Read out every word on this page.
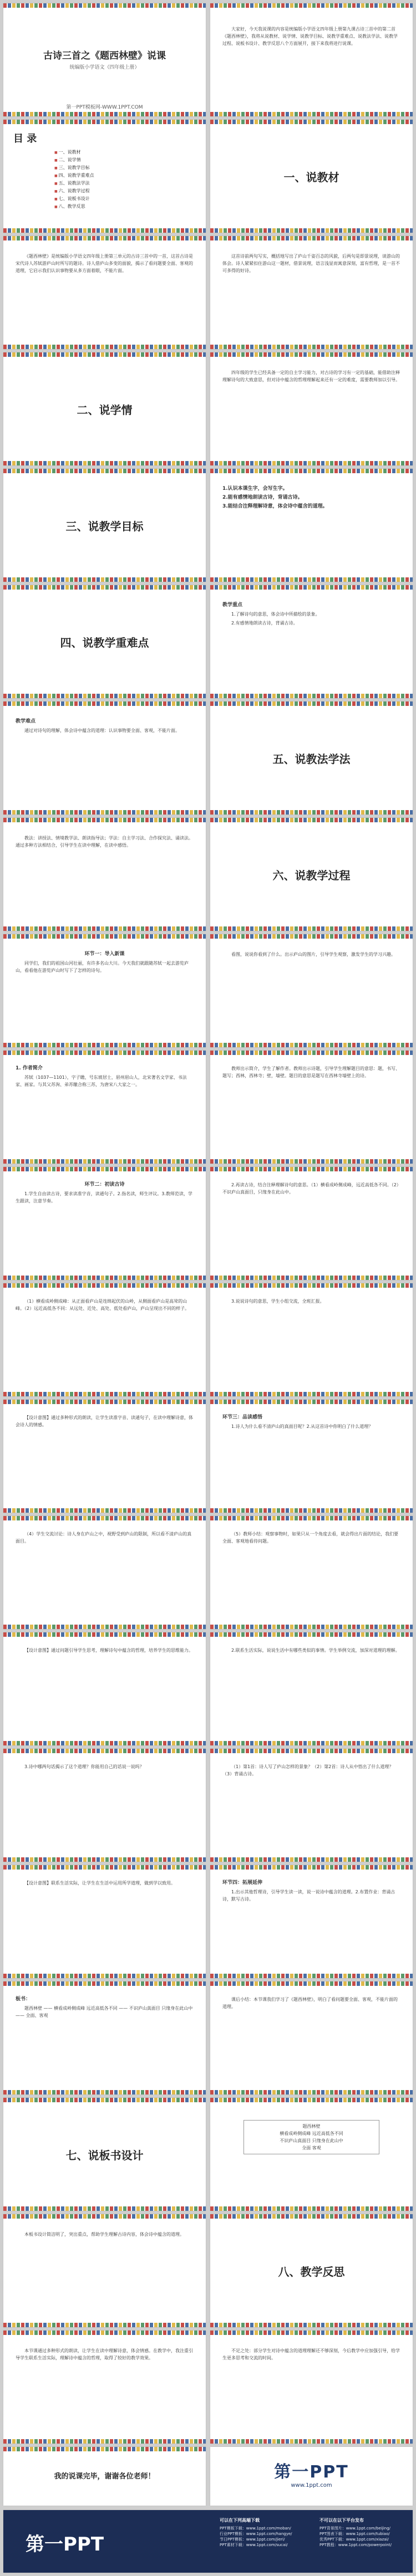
古诗三首之《题西林壁》说课
统编版小学语文（四年级上册）
第一PPT模板网-WWW.1PPT.COM

大家好，今天我说课的内容是统编版小学语文四年级上册第九课古诗三首中的第二首《题西林壁》，我将从说教材、说学情、说教学目标、说教学重难点、说教法学法、说教学过程、说板书设计、教学反思八个方面展开，接下来我将进行说课。

目 录
■ 一、说教材
■ 二、说学情
■ 三、说教学目标
■ 四、说教学重难点
■ 五、说教法学法
■ 六、说教学过程
■ 七、说板书设计
■ 八、教学反思
一、说教材

《题西林壁》是统编版小学语文四年级上册第三单元的古诗三首中的一首，这首古诗是宋代诗人苏轼游庐山时所写的题诗。诗人借庐山多变的面貌，揭示了看问题要全面、客观的道理，它启示我们认识事物要从多方面着眼，不能片面。

这首诗前两句写实，概括地写出了庐山千姿百态的风貌，后两句是即景说理，谈游山的体会。诗人紧紧扣住游山这一题材，借景说理，语言浅显而寓意深刻，富有哲理，是一首不可多得的好诗。

二、说学情

四年级的学生已经具备一定的自主学习能力，对古诗的学习有一定的基础，能借助注释理解诗句的大致意思，但对诗中蕴含的哲理理解起来还有一定的难度，需要教师加以引导。

三、说教学目标

1.认识本课生字，会写生字。

2.能有感情地朗读古诗，背诵古诗。

3.能结合注释理解诗意，体会诗中蕴含的道理。

四、说教学重难点

教学重点

1.了解诗句的意思，体会诗中所描绘的景象。

2.有感情地朗读古诗，背诵古诗。

教学难点

通过对诗句的理解，体会诗中蕴含的道理：认识事物要全面、客观，不能片面。

五、说教法学法

教法：讲授法、情境教学法、朗读指导法；学法：自主学习法、合作探究法、诵读法。通过多种方法相结合，引导学生在读中理解，在读中感悟。

六、说教学过程

环节一：导入新课

同学们，我们的祖国山河壮丽，有许多名山大川。今天我们就跟随苏轼一起去游览庐山，看看他在游览庐山时写下了怎样的诗句。

看图，说说你看到了什么。出示庐山的图片，引导学生观察，激发学生的学习兴趣。

1. 作者简介

苏轼（1037—1101），字子瞻，号东坡居士，眉州眉山人，北宋著名文学家、书法家、画家。与其父苏洵、弟苏辙合称三苏，为唐宋八大家之一。

教师出示简介，学生了解作者。教师出示诗题，引导学生理解题目的意思：题，书写、题写；西林，西林寺；壁，墙壁。题目的意思是题写在西林寺墙壁上的诗。

环节二：初读古诗

1.学生自由读古诗，要求读准字音，读通句子。2.指名读，师生评议。3.教师范读，学生跟读，注意节奏。

2.再读古诗，结合注释理解诗句的意思。（1）横看成岭侧成峰，远近高低各不同。（2）不识庐山真面目，只缘身在此山中。

（1）横看成岭侧成峰：从正面看庐山是连绵起伏的山岭，从侧面看庐山是高耸的山峰。（2）远近高低各不同：从远处、近处、高处、低处看庐山，庐山呈现出不同的样子。

3.说说诗句的意思，学生小组交流，全班汇报。

【设计意图】通过多种形式的朗读，让学生读准字音、读通句子，在读中理解诗意，体会诗人的情感。

环节三：品读感悟

1.诗人为什么看不清庐山的真面目呢？2.从这首诗中你明白了什么道理？

（4）学生交流讨论：诗人身在庐山之中，视野受到庐山的限制，所以看不清庐山的真面目。

（5）教师小结：观察事物时，如果只从一个角度去看，就会得出片面的结论，我们要全面、客观地看待问题。

【设计意图】通过问题引导学生思考，理解诗句中蕴含的哲理，培养学生的思维能力。	2.联系生活实际，说说生活中有哪些类似的事情。学生举例交流，加深对道理的理解。

3.诗中哪两句话揭示了这个道理？你能用自己的话说一说吗？	（1）第1首：诗人写了庐山怎样的景象？（2）第2首：诗人从中悟出了什么道理？（3）背诵古诗。

【设计意图】联系生活实际，让学生在生活中运用所学道理，做到学以致用。	环节四：拓展延伸

1.出示其他哲理诗，引导学生读一读，说一说诗中蕴含的道理。2.布置作业：背诵古诗，默写古诗。

板书：

题西林壁 —— 横看成岭侧成峰 远近高低各不同 —— 不识庐山真面目 只缘身在此山中 —— 全面、客观

课后小结：本节课我们学习了《题西林壁》，明白了看问题要全面、客观，不能片面的道理。

七、说板书设计
题西林壁
横看成岭侧成峰 远近高低各不同
不识庐山真面目 只缘身在此山中
全面 客观

本板书设计简洁明了，突出重点，帮助学生理解古诗内容，体会诗中蕴含的道理。

八、教学反思

本节课通过多种形式的朗读，让学生在读中理解诗意，体会情感。在教学中，我注重引导学生联系生活实际，理解诗中蕴含的哲理，取得了较好的教学效果。

不足之处：部分学生对诗中蕴含的道理理解还不够深刻，今后教学中应加强引导，给学生更多思考和交流的时间。

我的说课完毕，谢谢各位老师！	第一PPT
www.1ppt.com
可以在下列高端下载
PPT模板下载：www.1ppt.com/moban/
行业PPT模板：www.1ppt.com/hangye/
节日PPT模板：www.1ppt.com/jieri/
PPT素材下载：www.1ppt.com/sucai/
不可以在以下平台发布
PPT背景图片：www.1ppt.com/beijing/
PPT图表下载：www.1ppt.com/tubiao/
优秀PPT下载：www.1ppt.com/xiazai/
PPT教程：www.1ppt.com/powerpoint/
第一PPT
